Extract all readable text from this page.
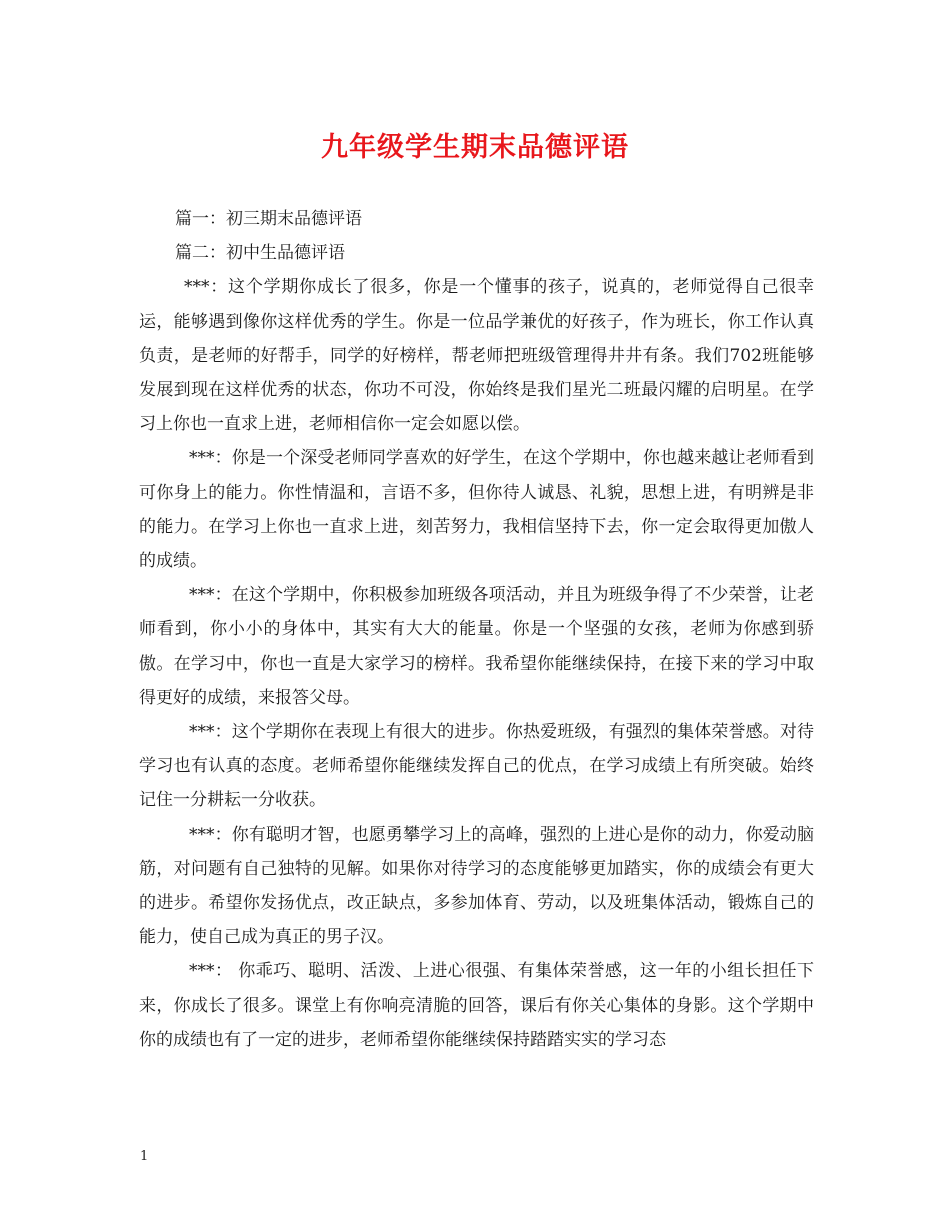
九年级学生期末品德评语

篇一：初三期末品德评语

篇二：初中生品德评语

***：这个学期你成长了很多，你是一个懂事的孩子，说真的，老师觉得自己很幸运，能够遇到像你这样优秀的学生。你是一位品学兼优的好孩子，作为班长，你工作认真负责，是老师的好帮手，同学的好榜样，帮老师把班级管理得井井有条。我们702班能够发展到现在这样优秀的状态，你功不可没，你始终是我们星光二班最闪耀的启明星。在学习上你也一直求上进，老师相信你一定会如愿以偿。

***：你是一个深受老师同学喜欢的好学生，在这个学期中，你也越来越让老师看到可你身上的能力。你性情温和，言语不多，但你待人诚恳、礼貌，思想上进，有明辨是非的能力。在学习上你也一直求上进，刻苦努力，我相信坚持下去，你一定会取得更加傲人的成绩。

***：在这个学期中，你积极参加班级各项活动，并且为班级争得了不少荣誉，让老师看到，你小小的身体中，其实有大大的能量。你是一个坚强的女孩，老师为你感到骄傲。在学习中，你也一直是大家学习的榜样。我希望你能继续保持，在接下来的学习中取得更好的成绩，来报答父母。

***：这个学期你在表现上有很大的进步。你热爱班级，有强烈的集体荣誉感。对待学习也有认真的态度。老师希望你能继续发挥自己的优点，在学习成绩上有所突破。始终记住一分耕耘一分收获。

***：你有聪明才智，也愿勇攀学习上的高峰，强烈的上进心是你的动力，你爱动脑筋，对问题有自己独特的见解。如果你对待学习的态度能够更加踏实，你的成绩会有更大的进步。希望你发扬优点，改正缺点，多参加体育、劳动，以及班集体活动，锻炼自己的能力，使自己成为真正的男子汉。

***： 你乖巧、聪明、活泼、上进心很强、有集体荣誉感，这一年的小组长担任下来，你成长了很多。课堂上有你响亮清脆的回答，课后有你关心集体的身影。这个学期中你的成绩也有了一定的进步，老师希望你能继续保持踏踏实实的学习态

1
